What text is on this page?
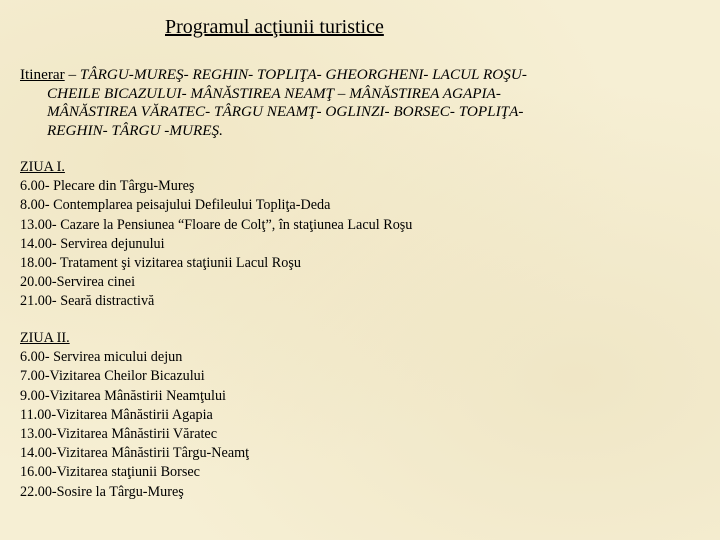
Programul acţiunii turistice
Itinerar – TÂRGU-MUREŞ- REGHIN- TOPLIŢA- GHEORGHENI- LACUL ROŞU-
CHEILE BICAZULUI- MÂNĂSTIREA NEAMŢ – MÂNĂSTIREA AGAPIA-
MÂNĂSTIREA VĂRATEC- TÂRGU NEAMŢ- OGLINZI- BORSEC- TOPLIŢA-
REGHIN- TÂRGU -MUREŞ.
ZIUA I.
6.00- Plecare din Târgu-Mureş
8.00- Contemplarea peisajului Defileului Topliţa-Deda
13.00- Cazare la Pensiunea “Floare de Colţ”, în staţiunea Lacul Roşu
14.00- Servirea dejunului
18.00- Tratament şi vizitarea staţiunii Lacul Roşu
20.00-Servirea cinei
21.00- Seară distractivă
ZIUA II.
6.00- Servirea micului dejun
7.00-Vizitarea Cheilor Bicazului
9.00-Vizitarea Mânăstirii Neamţului
11.00-Vizitarea Mânăstirii Agapia
13.00-Vizitarea Mânăstirii Văratec
14.00-Vizitarea Mânăstirii Târgu-Neamţ
16.00-Vizitarea staţiunii Borsec
22.00-Sosire la Târgu-Mureş
